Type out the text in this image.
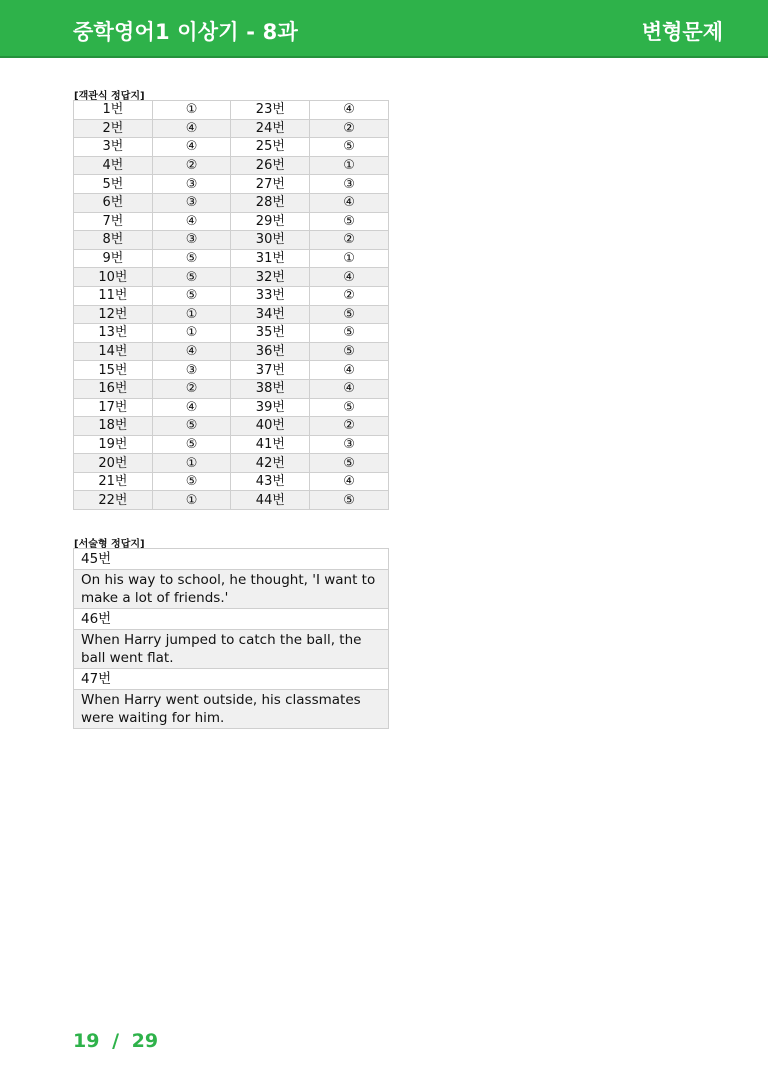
중학영어1 이상기 - 8과	변형문제
[객관식 정답지]
1번	①	23번	④
2번	④	24번	②
3번	④	25번	⑤
4번	②	26번	①
5번	③	27번	③
6번	③	28번	④
7번	④	29번	⑤
8번	③	30번	②
9번	⑤	31번	①
10번	⑤	32번	④
11번	⑤	33번	②
12번	①	34번	⑤
13번	①	35번	⑤
14번	④	36번	⑤
15번	③	37번	④
16번	②	38번	④
17번	④	39번	⑤
18번	⑤	40번	②
19번	⑤	41번	③
20번	①	42번	⑤
21번	⑤	43번	④
22번	①	44번	⑤
[서술형 정답지]
45번
On his way to school, he thought, 'I want to make a lot of friends.'
46번
When Harry jumped to catch the ball, the ball went flat.
47번
When Harry went outside, his classmates were waiting for him.
19 / 29
